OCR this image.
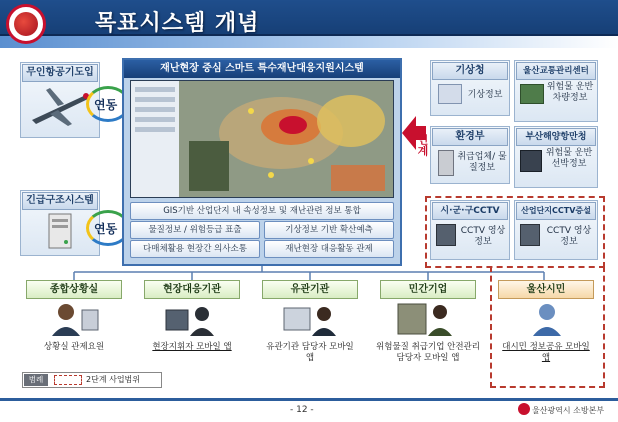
목표시스템 개념
무인항공기도입
연동
긴급구조시스템
연동
재난현장 중심 스마트 특수재난대응지원시스템
GIS기반 산업단지 내 속성정보 및 재난관련 정보 통합
물질정보 / 위험등급 표출	기상정보 기반 확산예측
다매체활용 현장간 의사소통	재난현장 대응활동 관제
연계
기상청
기상정보
울산교통관리센터
위험물 운반 차량정보
환경부
취급업체/ 물질정보
부산해양항만청
위험물 운반 선박정보
시·군·구CCTV
CCTV 영상정보
산업단지CCTV증설
CCTV 영상정보
종합상황실
상황실 관제요원
현장대응기관
현장지휘자 모바일 앱
유관기관
유관기관 담당자 모바일 앱
민간기업
위험물질 취급기업 안전관리 담당자 모바일 앱
울산시민
대시민 정보공유 모바일 앱
범례	2단계 사업범위
- 12 -	울산광역시 소방본부
